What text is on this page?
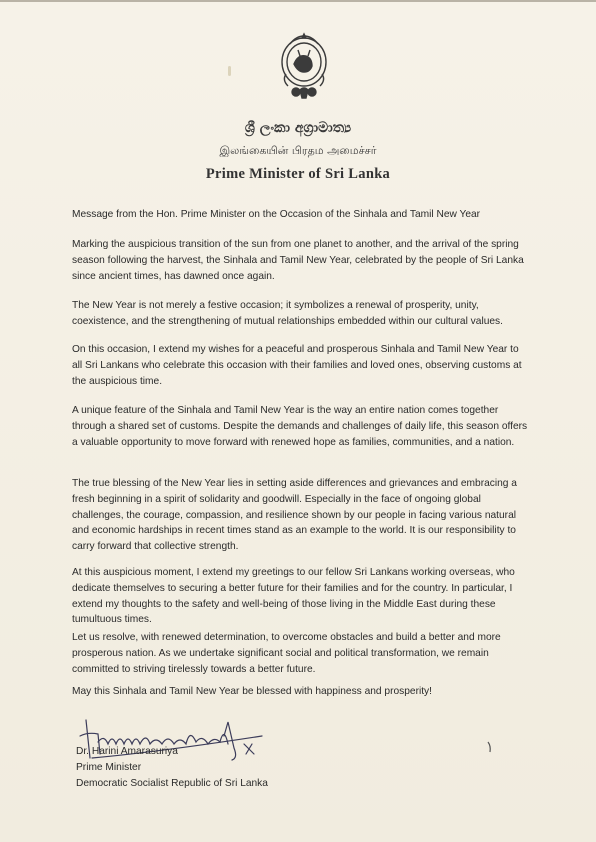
ශ්‍රී ලංකා අග්‍රාමාත්‍ය
இலங்கையின் பிரதம அமைச்சர்
Prime Minister of Sri Lanka
Message from the Hon. Prime Minister on the Occasion of the Sinhala and Tamil New Year
Marking the auspicious transition of the sun from one planet to another, and the arrival of the spring season following the harvest, the Sinhala and Tamil New Year, celebrated by the people of Sri Lanka since ancient times, has dawned once again.
The New Year is not merely a festive occasion; it symbolizes a renewal of prosperity, unity, coexistence, and the strengthening of mutual relationships embedded within our cultural values.
On this occasion, I extend my wishes for a peaceful and prosperous Sinhala and Tamil New Year to all Sri Lankans who celebrate this occasion with their families and loved ones, observing customs at the auspicious time.
A unique feature of the Sinhala and Tamil New Year is the way an entire nation comes together through a shared set of customs. Despite the demands and challenges of daily life, this season offers a valuable opportunity to move forward with renewed hope as families, communities, and a nation.
The true blessing of the New Year lies in setting aside differences and grievances and embracing a fresh beginning in a spirit of solidarity and goodwill. Especially in the face of ongoing global challenges, the courage, compassion, and resilience shown by our people in facing various natural and economic hardships in recent times stand as an example to the world. It is our responsibility to carry forward that collective strength.
At this auspicious moment, I extend my greetings to our fellow Sri Lankans working overseas, who dedicate themselves to securing a better future for their families and for the country. In particular, I extend my thoughts to the safety and well-being of those living in the Middle East during these tumultuous times.
Let us resolve, with renewed determination, to overcome obstacles and build a better and more prosperous nation. As we undertake significant social and political transformation, we remain committed to striving tirelessly towards a better future.
May this Sinhala and Tamil New Year be blessed with happiness and prosperity!
Dr. Harini Amarasuriya
Prime Minister
Democratic Socialist Republic of Sri Lanka
